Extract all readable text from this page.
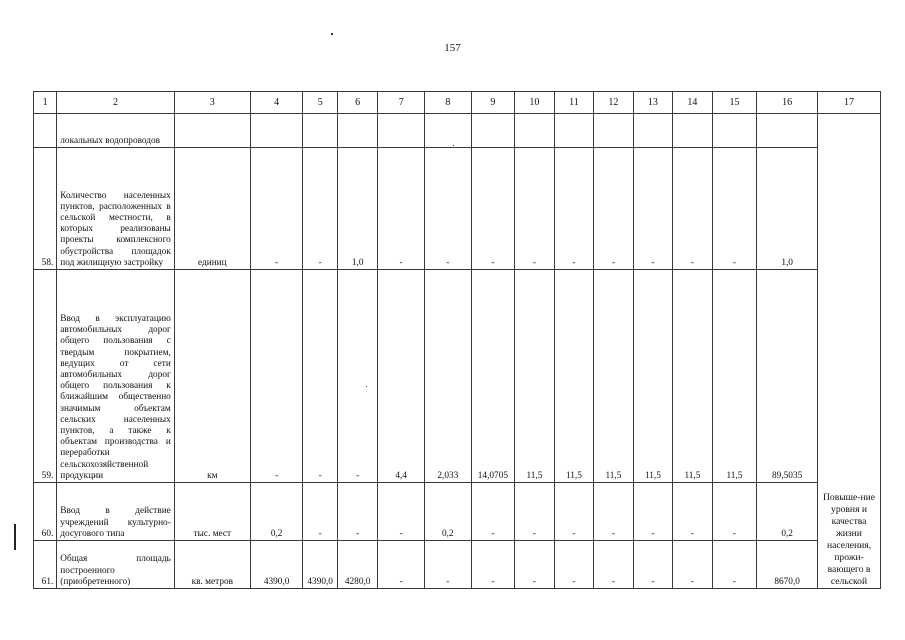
157
1	2	3	4	5	6	7	8	9	10	11	12	13	14	15	16	17
	локальных водопроводов															
58.	Количество населенных пунктов, расположенных в сельской местности, в которых реализованы проекты комплексного обустройства площадок под жилищную застройку	единиц	-	-	1,0	-	-	-	-	-	-	-	-	-	1,0	
59.	Ввод в эксплуатацию автомобильных дорог общего пользования с твердым покрытием, ведущих от сети автомобильных дорог общего пользования к ближайшим общественно значимым объектам сельских населенных пунктов, а также к объектам производства и переработки сельскохозяйственной продукции	км	-	-	-	4,4	2,033	14,0705	11,5	11,5	11,5	11,5	11,5	11,5	89,5035	
60.	Ввод в действие учреждений культурно-досугового типа	тыс. мест	0,2	-	-	-	0,2	-	-	-	-	-	-	-	0,2	Повыше-ние уровня и качества жизни населения, прожи-вающего в сельской
61.	Общая площадь построенного (приобретенного)	кв. метров	4390,0	4390,0	4280,0	-	-	-	-	-	-	-	-	-	8670,0	
